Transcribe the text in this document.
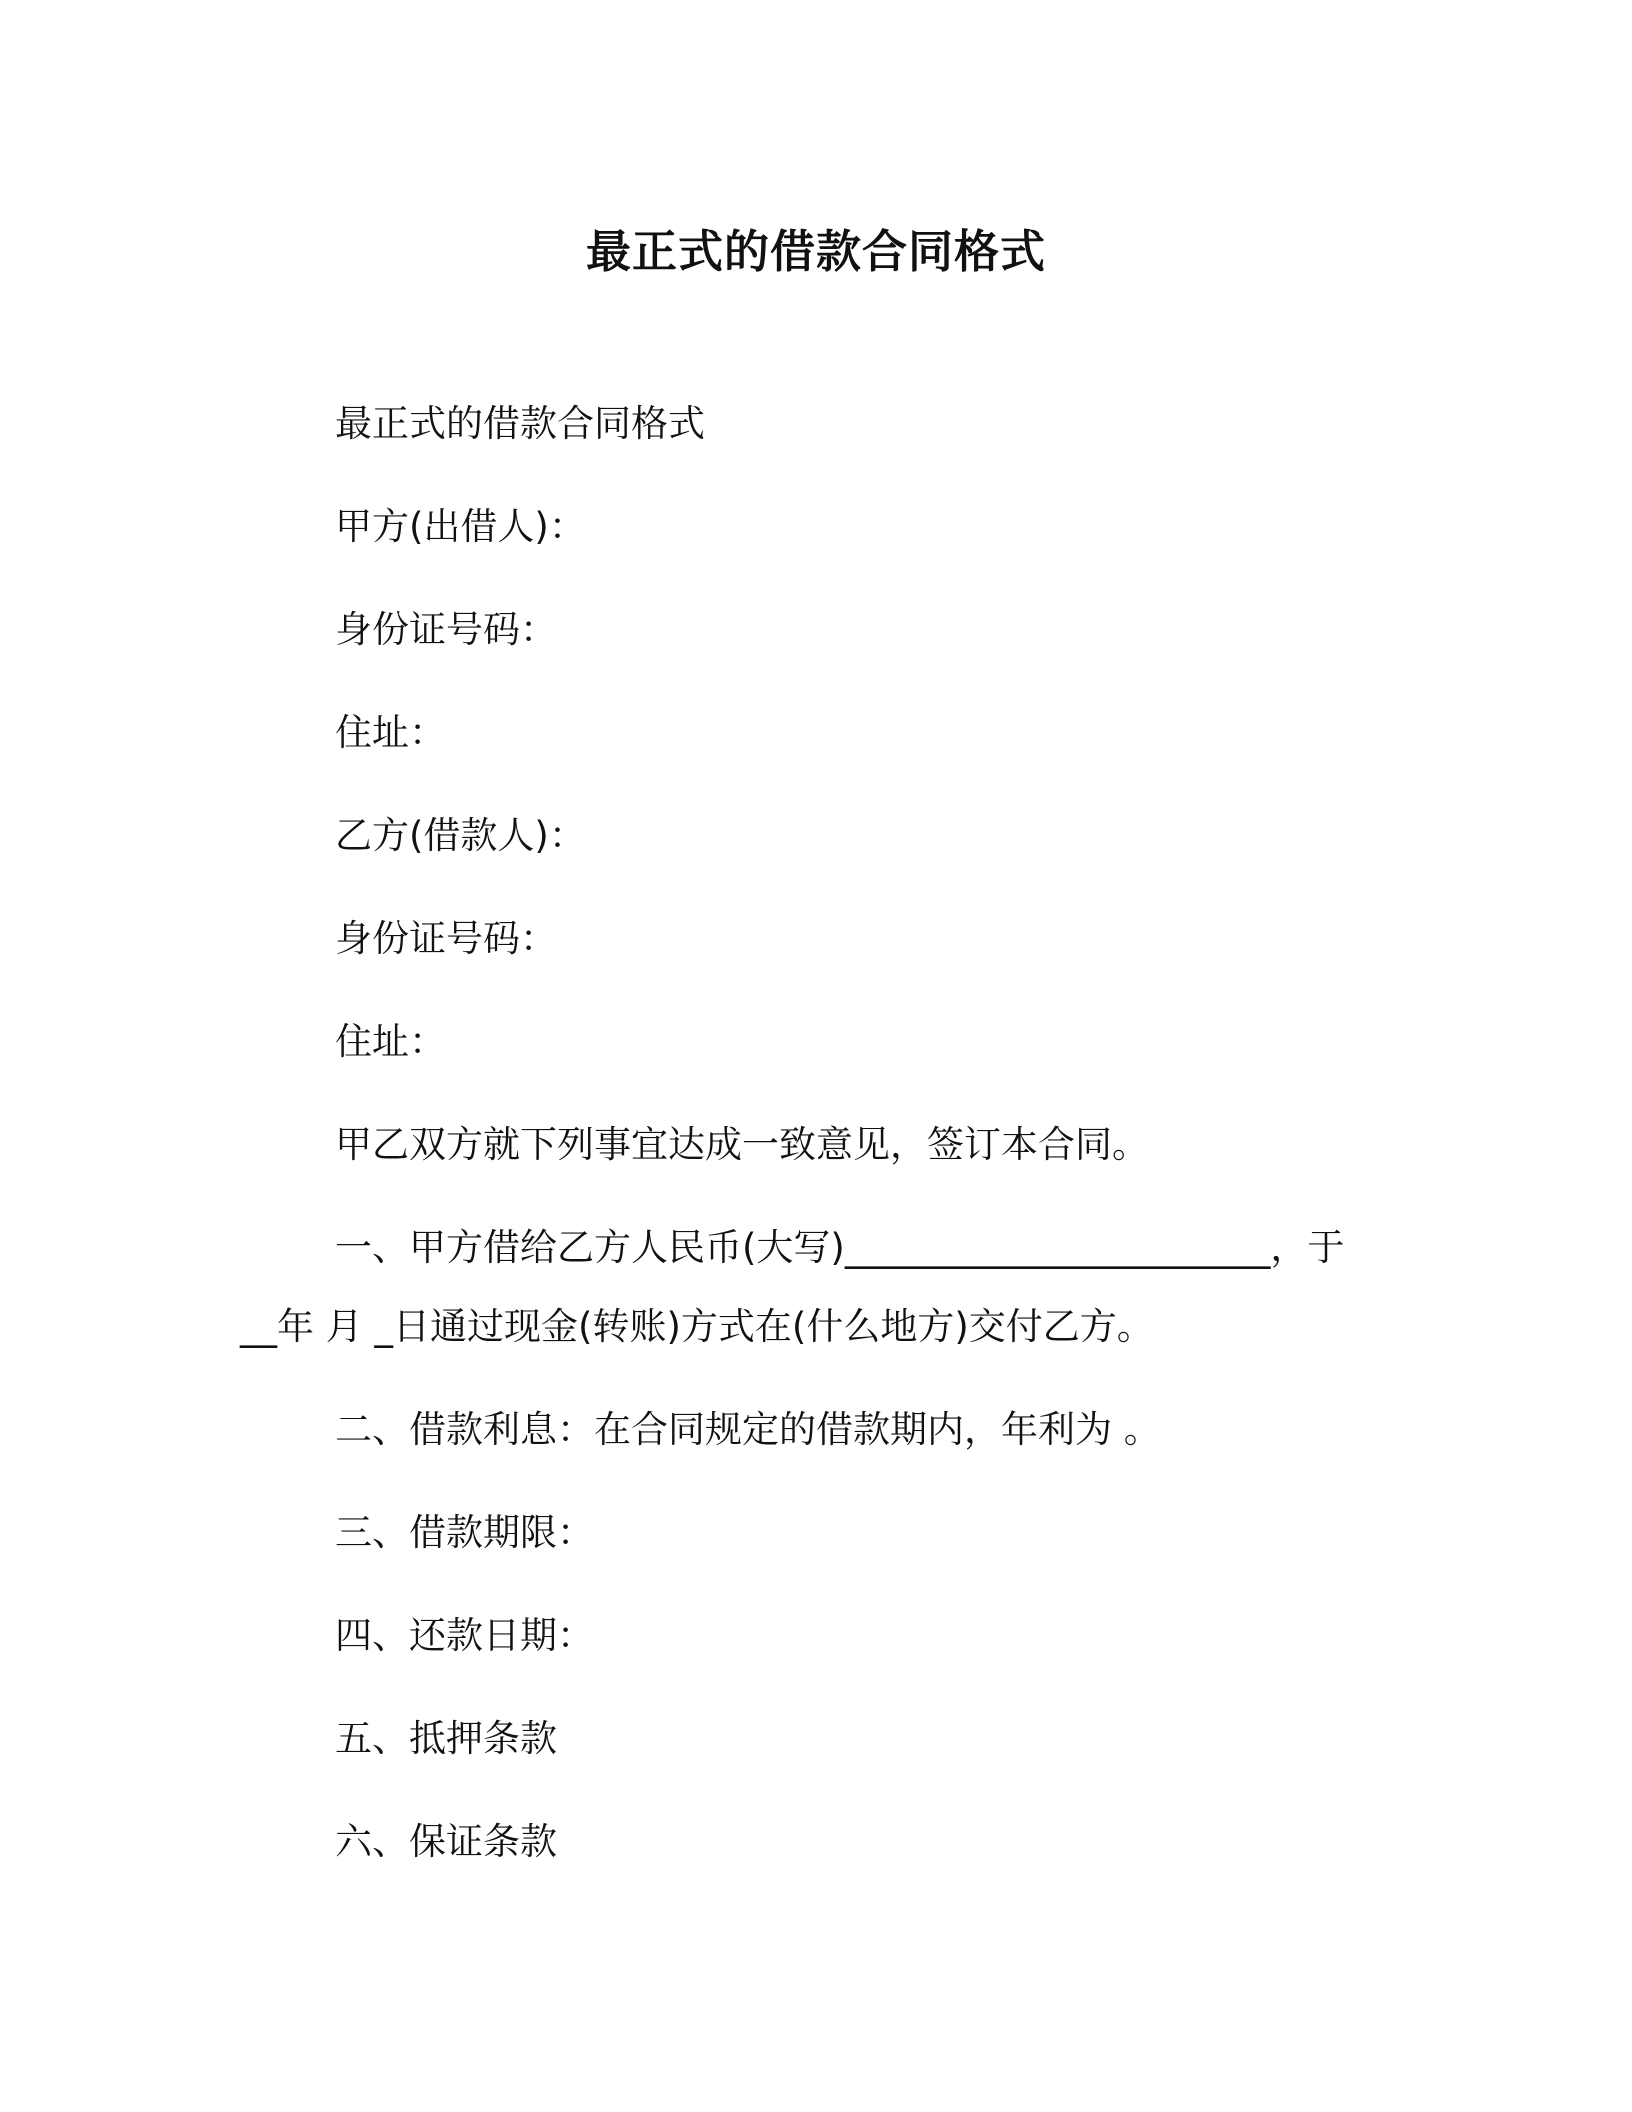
最正式的借款合同格式
最正式的借款合同格式
甲方(出借人)：
身份证号码：
住址：
乙方(借款人)：
身份证号码：
住址：
甲乙双方就下列事宜达成一致意见，签订本合同。
一、甲方借给乙方人民币(大写)_______________________，于
__年 月 _日通过现金(转账)方式在(什么地方)交付乙方。
二、借款利息：在合同规定的借款期内，年利为 。
三、借款期限：
四、还款日期：
五、抵押条款
六、保证条款
